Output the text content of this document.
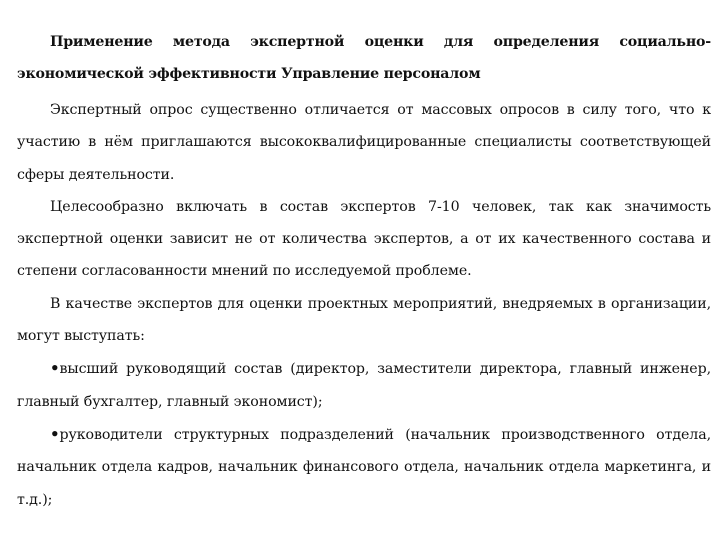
Применение метода экспертной оценки для определения социально-экономической эффективности Управление персоналом

Экспертный опрос существенно отличается от массовых опросов в силу того, что к участию в нём приглашаются высококвалифицированные специалисты соответствующей сферы деятельности.

Целесообразно включать в состав экспертов 7-10 человек, так как значимость экспертной оценки зависит не от количества экспертов, а от их качественного состава и степени согласованности мнений по исследуемой проблеме.

В качестве экспертов для оценки проектных мероприятий, внедряемых в организации, могут выступать:

•высший руководящий состав (директор, заместители директора, главный инженер, главный бухгалтер, главный экономист);

•руководители структурных подразделений (начальник производственного отдела, начальник отдела кадров, начальник финансового отдела, начальник отдела маркетинга, и т.д.);
